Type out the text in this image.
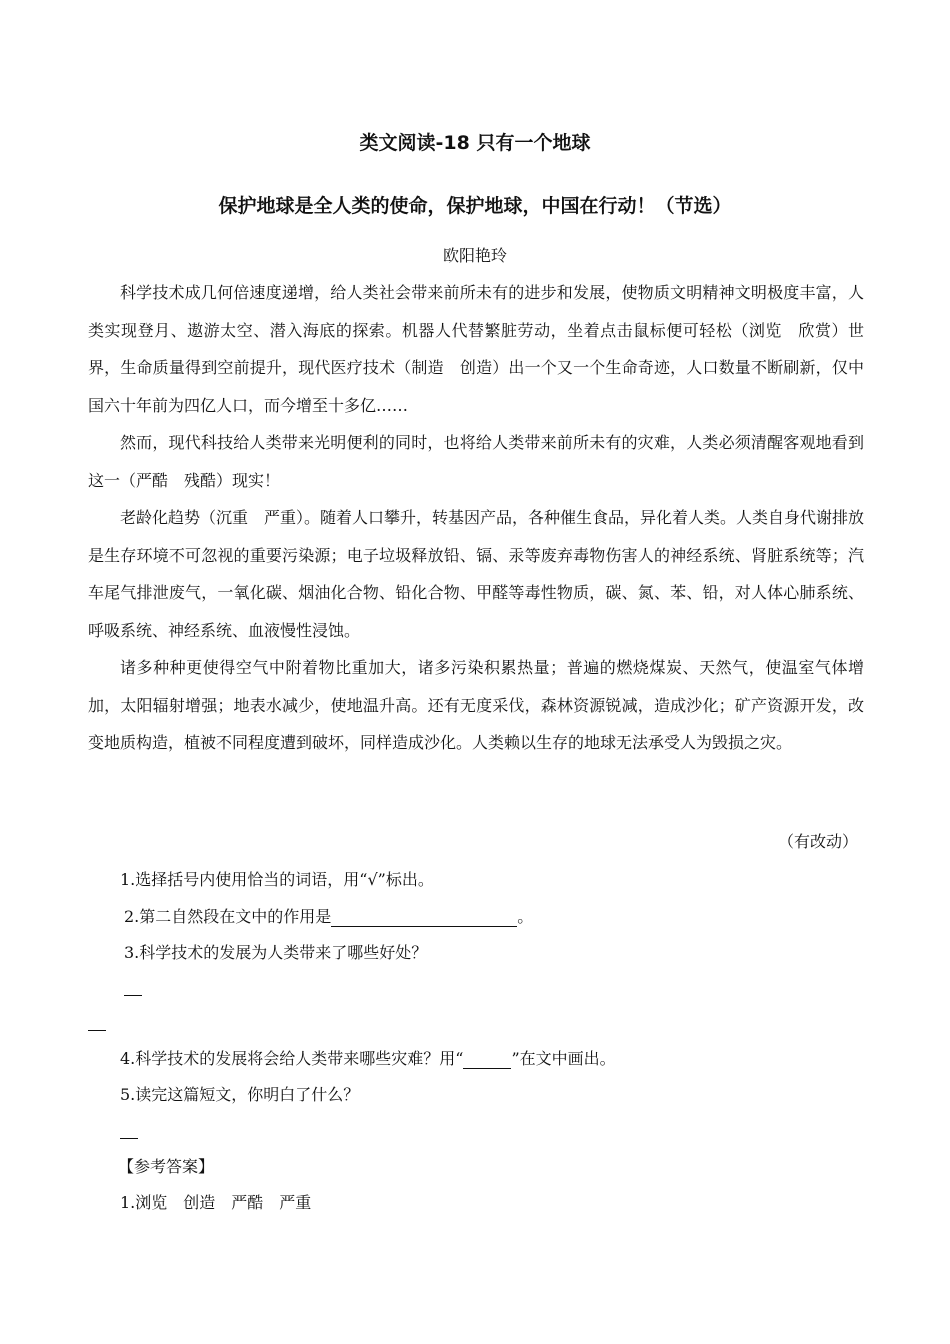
类文阅读-18 只有一个地球
保护地球是全人类的使命，保护地球，中国在行动！（节选）
欧阳艳玲

科学技术成几何倍速度递增，给人类社会带来前所未有的进步和发展，使物质文明精神文明极度丰富，人类实现登月、遨游太空、潜入海底的探索。机器人代替繁脏劳动，坐着点击鼠标便可轻松（浏览　欣赏）世界，生命质量得到空前提升，现代医疗技术（制造　创造）出一个又一个生命奇迹，人口数量不断刷新，仅中国六十年前为四亿人口，而今增至十多亿……

然而，现代科技给人类带来光明便利的同时，也将给人类带来前所未有的灾难，人类必须清醒客观地看到这一（严酷　残酷）现实！

老龄化趋势（沉重　严重）。随着人口攀升，转基因产品，各种催生食品，异化着人类。人类自身代谢排放是生存环境不可忽视的重要污染源；电子垃圾释放铅、镉、汞等废弃毒物伤害人的神经系统、肾脏系统等；汽车尾气排泄废气，一氧化碳、烟油化合物、铅化合物、甲醛等毒性物质，碳、氮、苯、铅，对人体心肺系统、呼吸系统、神经系统、血液慢性浸蚀。

诸多种种更使得空气中附着物比重加大，诸多污染积累热量；普遍的燃烧煤炭、天然气，使温室气体增加，太阳辐射增强；地表水减少，使地温升高。还有无度采伐，森林资源锐减，造成沙化；矿产资源开发，改变地质构造，植被不同程度遭到破坏，同样造成沙化。人类赖以生存的地球无法承受人为毁损之灾。

（有改动）
1.选择括号内使用恰当的词语，用“√”标出。
2.第二自然段在文中的作用是	。
3.科学技术的发展为人类带来了哪些好处？
4.科学技术的发展将会给人类带来哪些灾难？用“	”在文中画出。
5.读完这篇短文，你明白了什么？
【参考答案】
1.浏览　创造　严酷　严重
